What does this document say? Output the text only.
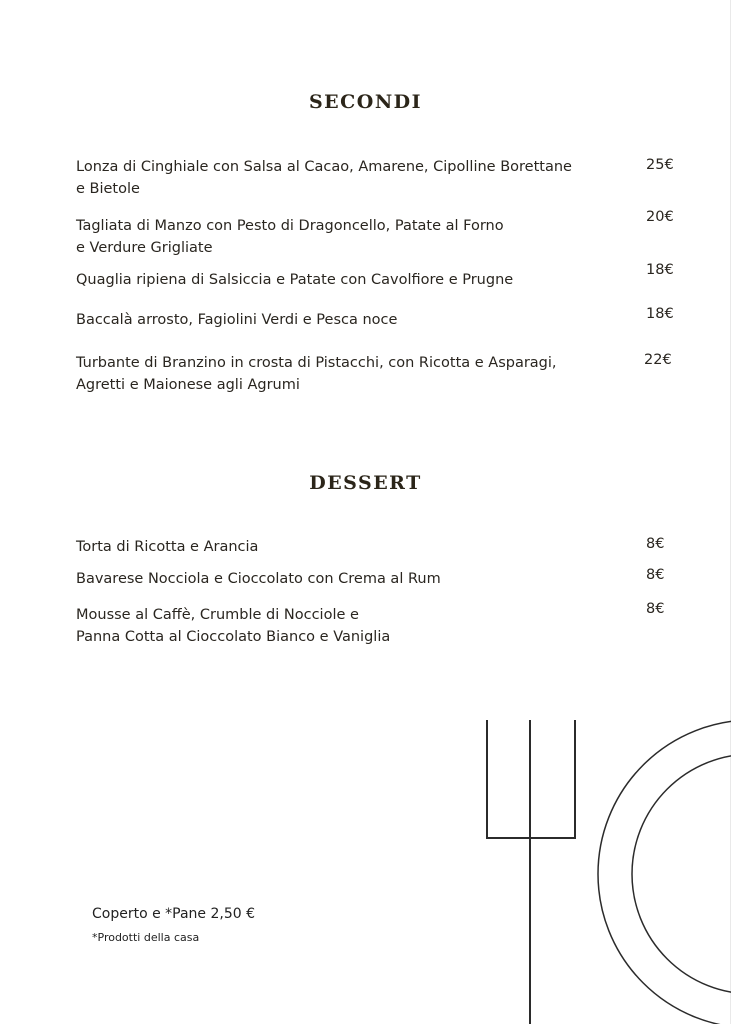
SECONDI
Lonza di Cinghiale con Salsa al Cacao, Amarene, Cipolline Borettane
e Bietole
25€
Tagliata di Manzo con Pesto di Dragoncello, Patate al Forno
e Verdure Grigliate
20€
Quaglia ripiena di Salsiccia e Patate con Cavolfiore e Prugne
18€
Baccalà arrosto, Fagiolini Verdi e Pesca noce	18€
Turbante di Branzino in crosta di Pistacchi, con Ricotta e Asparagi,
Agretti e Maionese agli Agrumi
22€
DESSERT
Torta di Ricotta e Arancia	8€
Bavarese Nocciola e Cioccolato con Crema al Rum	8€
Mousse al Caffè, Crumble di Nocciole e
Panna Cotta al Cioccolato Bianco e Vaniglia
8€
Coperto e *Pane 2,50 €
*Prodotti della casa
